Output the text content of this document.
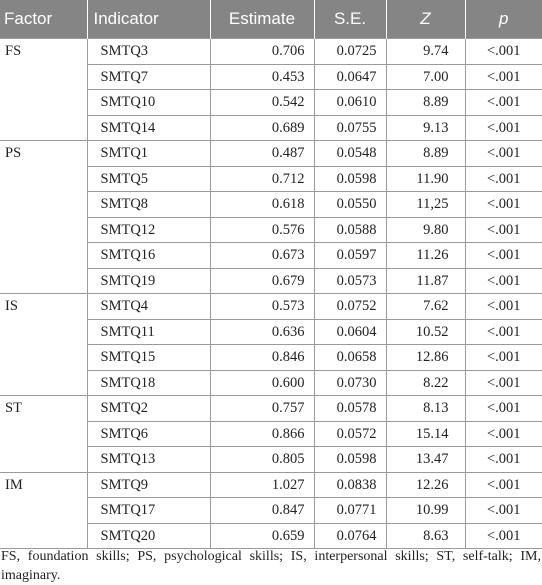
Factor	Indicator	Estimate	S.E.	Z	p
FS	SMTQ3	0.706	0.0725	9.74	<.001
	SMTQ7	0.453	0.0647	7.00	<.001
	SMTQ10	0.542	0.0610	8.89	<.001
	SMTQ14	0.689	0.0755	9.13	<.001
PS	SMTQ1	0.487	0.0548	8.89	<.001
	SMTQ5	0.712	0.0598	11.90	<.001
	SMTQ8	0.618	0.0550	11,25	<.001
	SMTQ12	0.576	0.0588	9.80	<.001
	SMTQ16	0.673	0.0597	11.26	<.001
	SMTQ19	0.679	0.0573	11.87	<.001
IS	SMTQ4	0.573	0.0752	7.62	<.001
	SMTQ11	0.636	0.0604	10.52	<.001
	SMTQ15	0.846	0.0658	12.86	<.001
	SMTQ18	0.600	0.0730	8.22	<.001
ST	SMTQ2	0.757	0.0578	8.13	<.001
	SMTQ6	0.866	0.0572	15.14	<.001
	SMTQ13	0.805	0.0598	13.47	<.001
IM	SMTQ9	1.027	0.0838	12.26	<.001
	SMTQ17	0.847	0.0771	10.99	<.001
	SMTQ20	0.659	0.0764	8.63	<.001
FS, foundation skills; PS, psychological skills; IS, interpersonal skills; ST, self-talk; IM, imaginary.
